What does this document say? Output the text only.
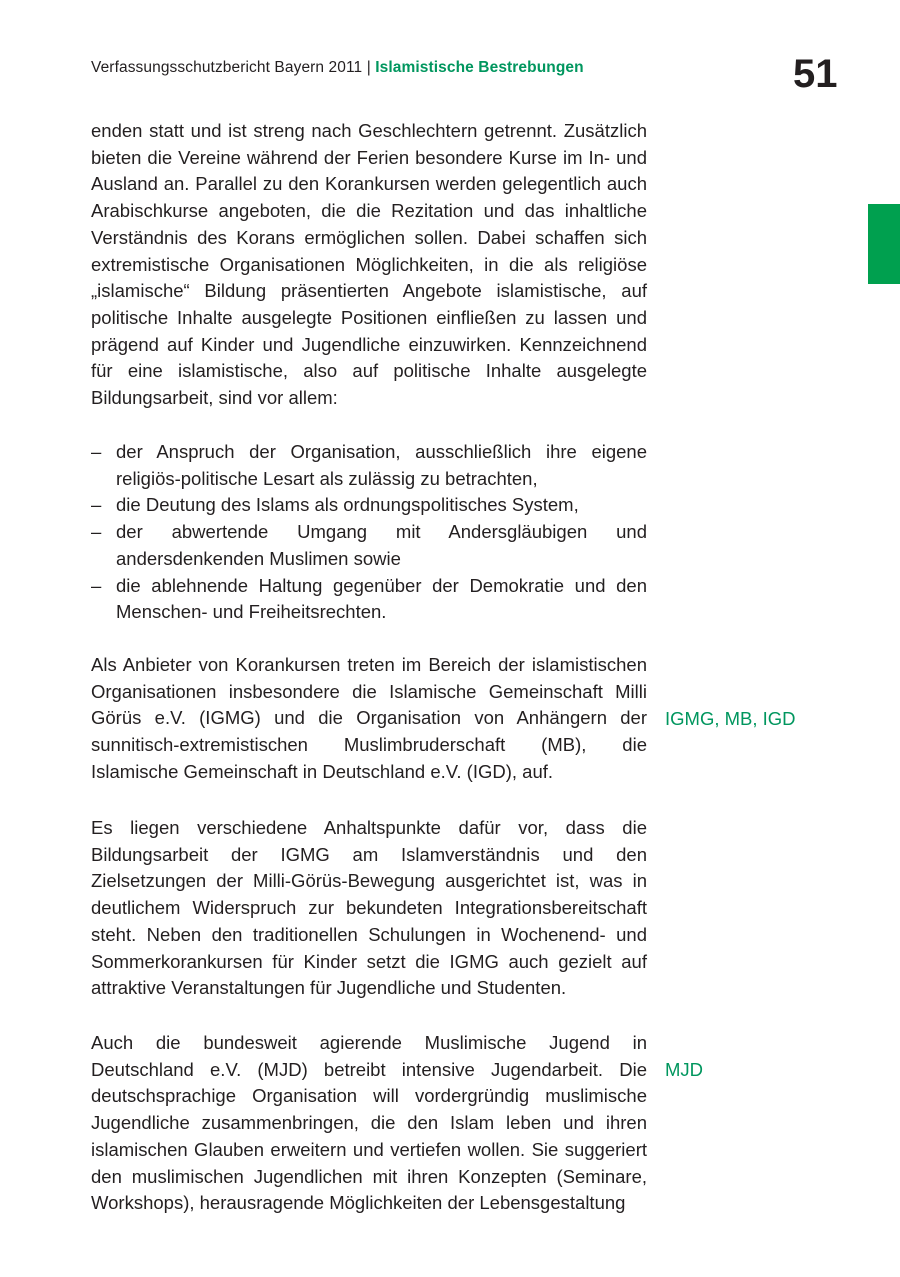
Verfassungsschutzbericht Bayern 2011 | Islamistische Bestrebungen	51
enden statt und ist streng nach Geschlechtern getrennt. Zusätzlich bieten die Vereine während der Ferien besondere Kurse im In- und Ausland an. Parallel zu den Korankursen werden gelegentlich auch Arabischkurse angeboten, die die Rezitation und das inhaltliche Verständnis des Korans ermöglichen sollen. Dabei schaffen sich extremistische Organisationen Möglichkeiten, in die als religiöse „islamische“ Bildung präsentierten Angebote islamistische, auf politische Inhalte ausgelegte Positionen einfließen zu lassen und prägend auf Kinder und Jugendliche einzuwirken. Kennzeichnend für eine islamistische, also auf politische Inhalte ausgelegte Bildungsarbeit, sind vor allem:
– der Anspruch der Organisation, ausschließlich ihre eigene religiös-politische Lesart als zulässig zu betrachten,
– die Deutung des Islams als ordnungspolitisches System,
– der abwertende Umgang mit Andersgläubigen und andersdenkenden Muslimen sowie
– die ablehnende Haltung gegenüber der Demokratie und den Menschen- und Freiheitsrechten.
Als Anbieter von Korankursen treten im Bereich der islamistischen Organisationen insbesondere die Islamische Gemeinschaft Milli Görüs e.V. (IGMG) und die Organisation von Anhängern der sunnitisch-extremistischen Muslimbruderschaft (MB), die Islamische Gemeinschaft in Deutschland e.V. (IGD), auf.
IGMG, MB, IGD
Es liegen verschiedene Anhaltspunkte dafür vor, dass die Bildungsarbeit der IGMG am Islamverständnis und den Zielsetzungen der Milli-Görüs-Bewegung ausgerichtet ist, was in deutlichem Widerspruch zur bekundeten Integrationsbereitschaft steht. Neben den traditionellen Schulungen in Wochenend- und Sommerkorankursen für Kinder setzt die IGMG auch gezielt auf attraktive Veranstaltungen für Jugendliche und Studenten.
Auch die bundesweit agierende Muslimische Jugend in Deutschland e.V. (MJD) betreibt intensive Jugendarbeit. Die deutschsprachige Organisation will vordergründig muslimische Jugendliche zusammenbringen, die den Islam leben und ihren islamischen Glauben erweitern und vertiefen wollen. Sie suggeriert den muslimischen Jugendlichen mit ihren Konzepten (Seminare, Workshops), herausragende Möglichkeiten der Lebensgestaltung
MJD
